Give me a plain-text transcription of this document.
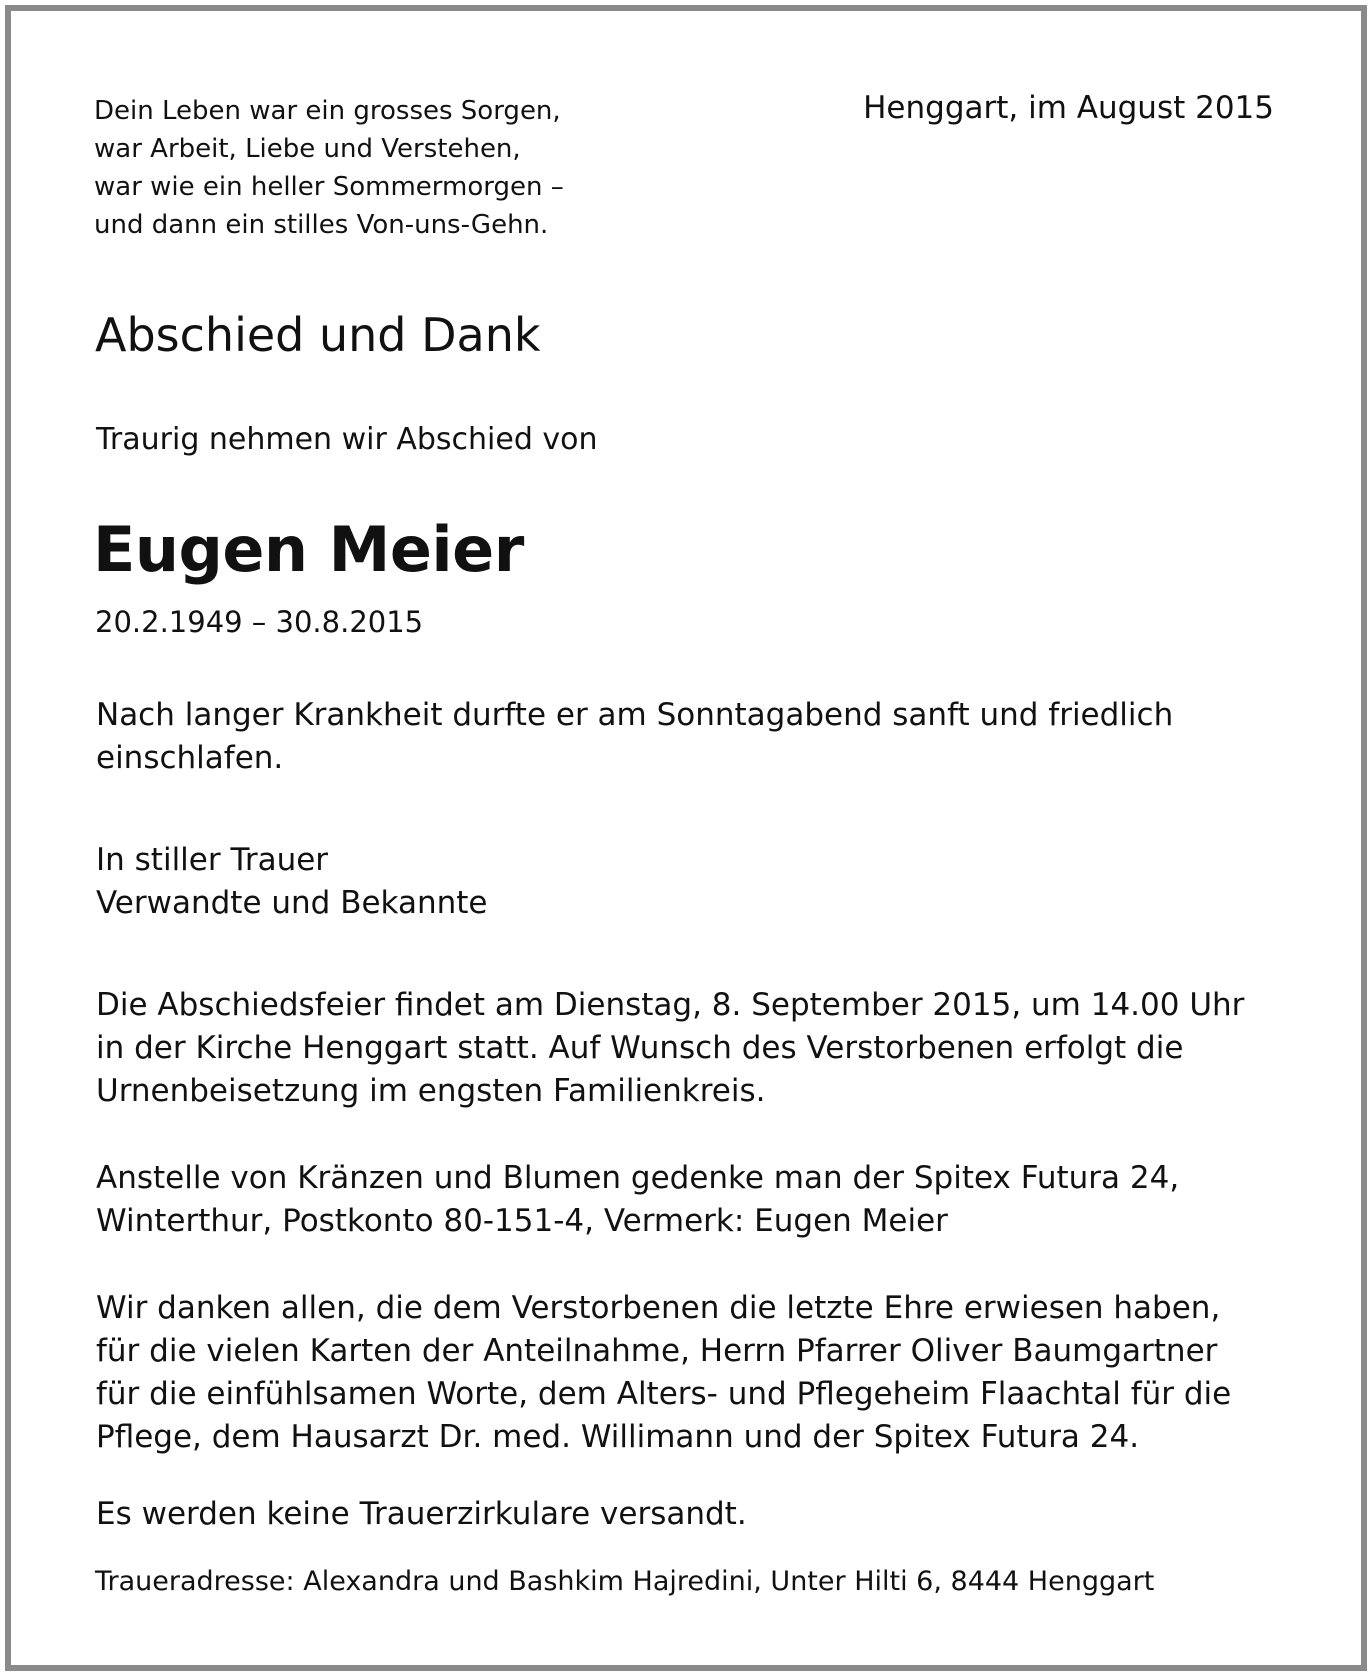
Dein Leben war ein grosses Sorgen,
war Arbeit, Liebe und Verstehen,
war wie ein heller Sommermorgen –
und dann ein stilles Von-uns-Gehn.
Henggart, im August 2015
Abschied und Dank
Traurig nehmen wir Abschied von
Eugen Meier
20.2.1949 – 30.8.2015
Nach langer Krankheit durfte er am Sonntagabend sanft und friedlich
einschlafen.
In stiller Trauer
Verwandte und Bekannte
Die Abschiedsfeier findet am Dienstag, 8. September 2015, um 14.00 Uhr
in der Kirche Henggart statt. Auf Wunsch des Verstorbenen erfolgt die
Urnenbeisetzung im engsten Familienkreis.
Anstelle von Kränzen und Blumen gedenke man der Spitex Futura 24,
Winterthur, Postkonto 80-151-4, Vermerk: Eugen Meier
Wir danken allen, die dem Verstorbenen die letzte Ehre erwiesen haben,
für die vielen Karten der Anteilnahme, Herrn Pfarrer Oliver Baumgartner
für die einfühlsamen Worte, dem Alters- und Pflegeheim Flaachtal für die
Pflege, dem Hausarzt Dr. med. Willimann und der Spitex Futura 24.
Es werden keine Trauerzirkulare versandt.
Traueradresse: Alexandra und Bashkim Hajredini, Unter Hilti 6, 8444 Henggart
